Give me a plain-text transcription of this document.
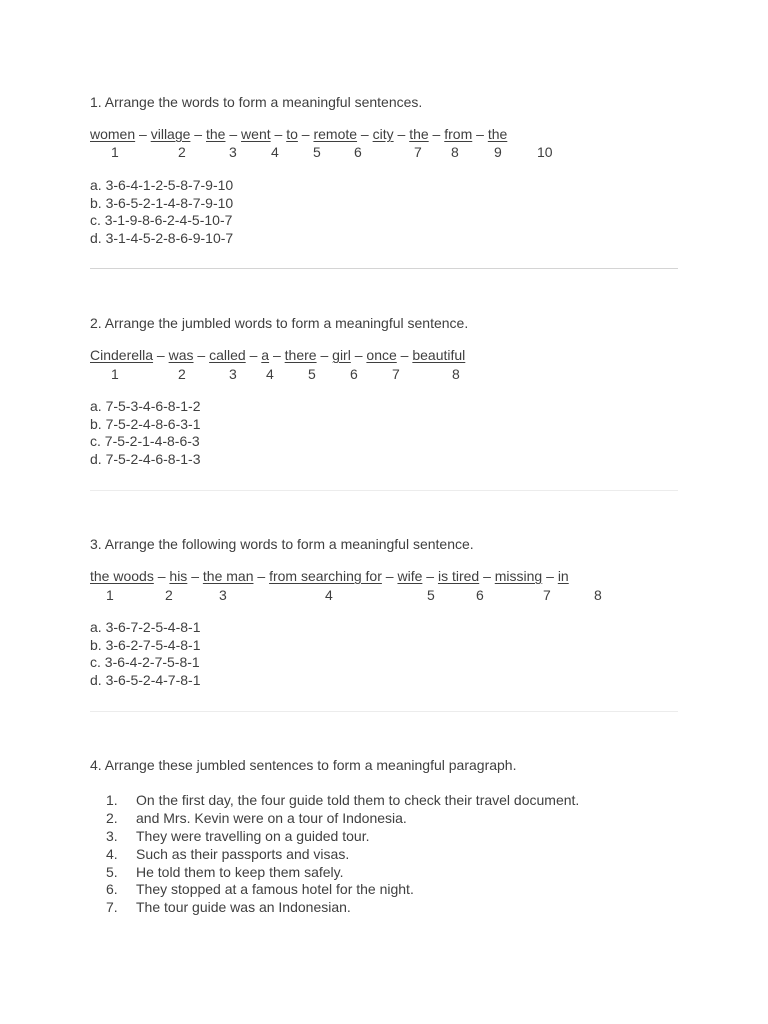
1. Arrange the words to form a meaningful sentences.
women – village – the – went – to – remote – city – the – from – the
1	2	3 4 5 6	7 8	9	10
a. 3-6-4-1-2-5-8-7-9-10
b. 3-6-5-2-1-4-8-7-9-10
c. 3-1-9-8-6-2-4-5-10-7
d. 3-1-4-5-2-8-6-9-10-7
2. Arrange the jumbled words to form a meaningful sentence.
Cinderella – was – called – a – there – girl – once – beautiful
1	2	3 4 5 6 7	8
a. 7-5-3-4-6-8-1-2
b. 7-5-2-4-8-6-3-1
c. 7-5-2-1-4-8-6-3
d. 7-5-2-4-6-8-1-3
3. Arrange the following words to form a meaningful sentence.
the woods – his – the man – from searching for – wife – is tired – missing – in
1	2	3	4	5	6	7	8
a. 3-6-7-2-5-4-8-1
b. 3-6-2-7-5-4-8-1
c. 3-6-4-2-7-5-8-1
d. 3-6-5-2-4-7-8-1
4. Arrange these jumbled sentences to form a meaningful paragraph.
1. On the first day, the four guide told them to check their travel document.
2. and Mrs. Kevin were on a tour of Indonesia.
3. They were travelling on a guided tour.
4. Such as their passports and visas.
5. He told them to keep them safely.
6. They stopped at a famous hotel for the night.
7. The tour guide was an Indonesian.
